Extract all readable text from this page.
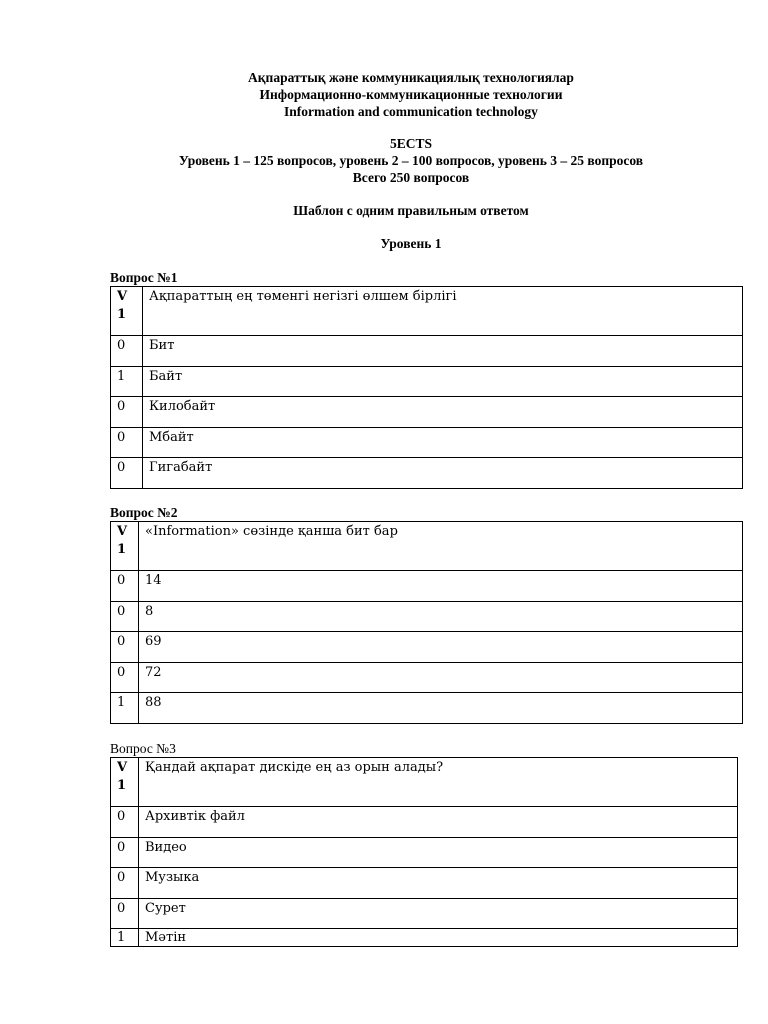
Ақпараттық және коммуникациялық технологиялар
Информационно-коммуникационные технологии
Information and communication technology
5ECTS
Уровень 1 – 125 вопросов, уровень 2 – 100 вопросов, уровень 3 – 25 вопросов
Всего 250 вопросов
Шаблон с одним правильным ответом
Уровень 1
Вопрос №1
V
1	Ақпараттың ең төменгі негізгі өлшем бірлігі
0	Бит
1	Байт
0	Килобайт
0	Мбайт
0	Гигабайт
Вопрос №2
V
1	«Information» сөзінде қанша бит бар
0	14
0	8
0	69
0	72
1	88
Вопрос №3
V
1	Қандай ақпарат дискіде ең аз орын алады?
0	Архивтік файл
0	Видео
0	Музыка
0	Сурет
1	Мәтін
